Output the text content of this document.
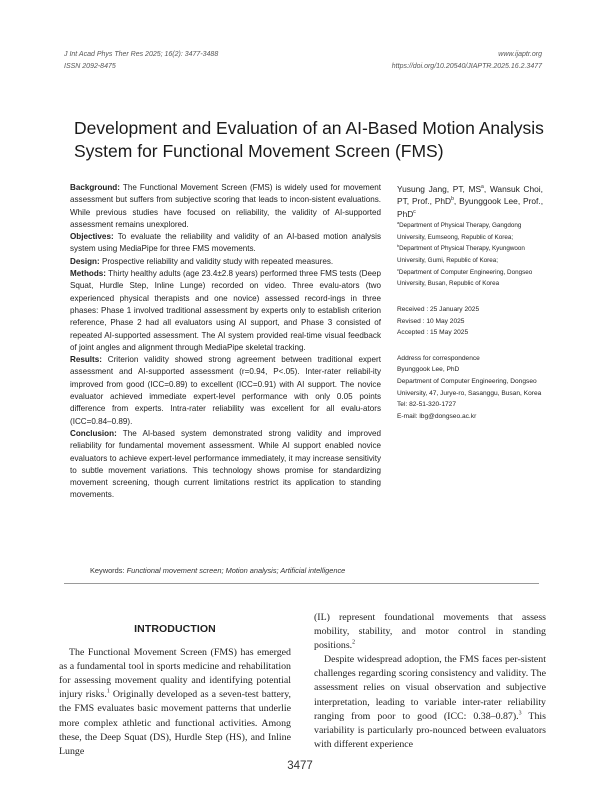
J Int Acad Phys Ther Res 2025; 16(2): 3477-3488
ISSN 2092-8475
www.ijaptr.org
https://doi.org/10.20540/JIAPTR.2025.16.2.3477
Development and Evaluation of an AI-Based Motion Analysis System for Functional Movement Screen (FMS)

Background: The Functional Movement Screen (FMS) is widely used for movement assessment but suffers from subjective scoring that leads to incon-sistent evaluations. While previous studies have focused on reliability, the validity of AI-supported assessment remains unexplored.

Objectives: To evaluate the reliability and validity of an AI-based motion analysis system using MediaPipe for three FMS movements.

Design: Prospective reliability and validity study with repeated measures.

Methods: Thirty healthy adults (age 23.4±2.8 years) performed three FMS tests (Deep Squat, Hurdle Step, Inline Lunge) recorded on video. Three evalu-ators (two experienced physical therapists and one novice) assessed record-ings in three phases: Phase 1 involved traditional assessment by experts only to establish criterion reference, Phase 2 had all evaluators using AI support, and Phase 3 consisted of repeated AI-supported assessment. The AI system provided real-time visual feedback of joint angles and alignment through MediaPipe skeletal tracking.

Results: Criterion validity showed strong agreement between traditional expert assessment and AI-supported assessment (r=0.94, P<.05). Inter-rater reliabil-ity improved from good (ICC=0.89) to excellent (ICC=0.91) with AI support. The novice evaluator achieved immediate expert-level performance with only 0.05 points difference from experts. Intra-rater reliability was excellent for all evalu-ators (ICC=0.84–0.89).

Conclusion: The AI-based system demonstrated strong validity and improved reliability for fundamental movement assessment. While AI support enabled novice evaluators to achieve expert-level performance immediately, it may increase sensitivity to subtle movement variations. This technology shows promise for standardizing movement screening, though current limitations restrict its application to standing movements.

Yusung Jang, PT, $MS^a$, Wansuk Choi, PT, Prof., PhD$^b$, Byunggook Lee, Prof., PhD$^c$

$^a$Department of Physical Therapy, Gangdong University, Eumseong, Republic of Korea;

$^b$Department of Physical Therapy, Kyungwoon University, Gumi, Republic of Korea;

$^c$Department of Computer Engineering, Dongseo University, Busan, Republic of Korea

Received : 25 January 2025

Revised : 10 May 2025

Accepted : 15 May 2025

Address for correspondence

Byunggook Lee, PhD

Department of Computer Engineering, Dongseo University, 47, Jurye-ro, Sasanggu, Busan, Korea

Tel: 82-51-320-1727

E-mail: lbg@dongseo.ac.kr

Keywords: Functional movement screen; Motion analysis; Artificial intelligence
INTRODUCTION

The Functional Movement Screen (FMS) has emerged as a fundamental tool in sports medicine and rehabilitation for assessing movement quality and identifying potential injury risks.$^1$ Originally developed as a seven-test battery, the FMS evaluates basic movement patterns that underlie more complex athletic and functional activities. Among these, the Deep Squat (DS), Hurdle Step (HS), and Inline Lunge

(IL) represent foundational movements that assess mobility, stability, and motor control in standing positions.$^2$

Despite widespread adoption, the FMS faces per-sistent challenges regarding scoring consistency and validity. The assessment relies on visual observation and subjective interpretation, leading to variable inter-rater reliability ranging from poor to good (ICC: 0.38–0.87).$^3$ This variability is particularly pro-nounced between evaluators with different experience

3477
